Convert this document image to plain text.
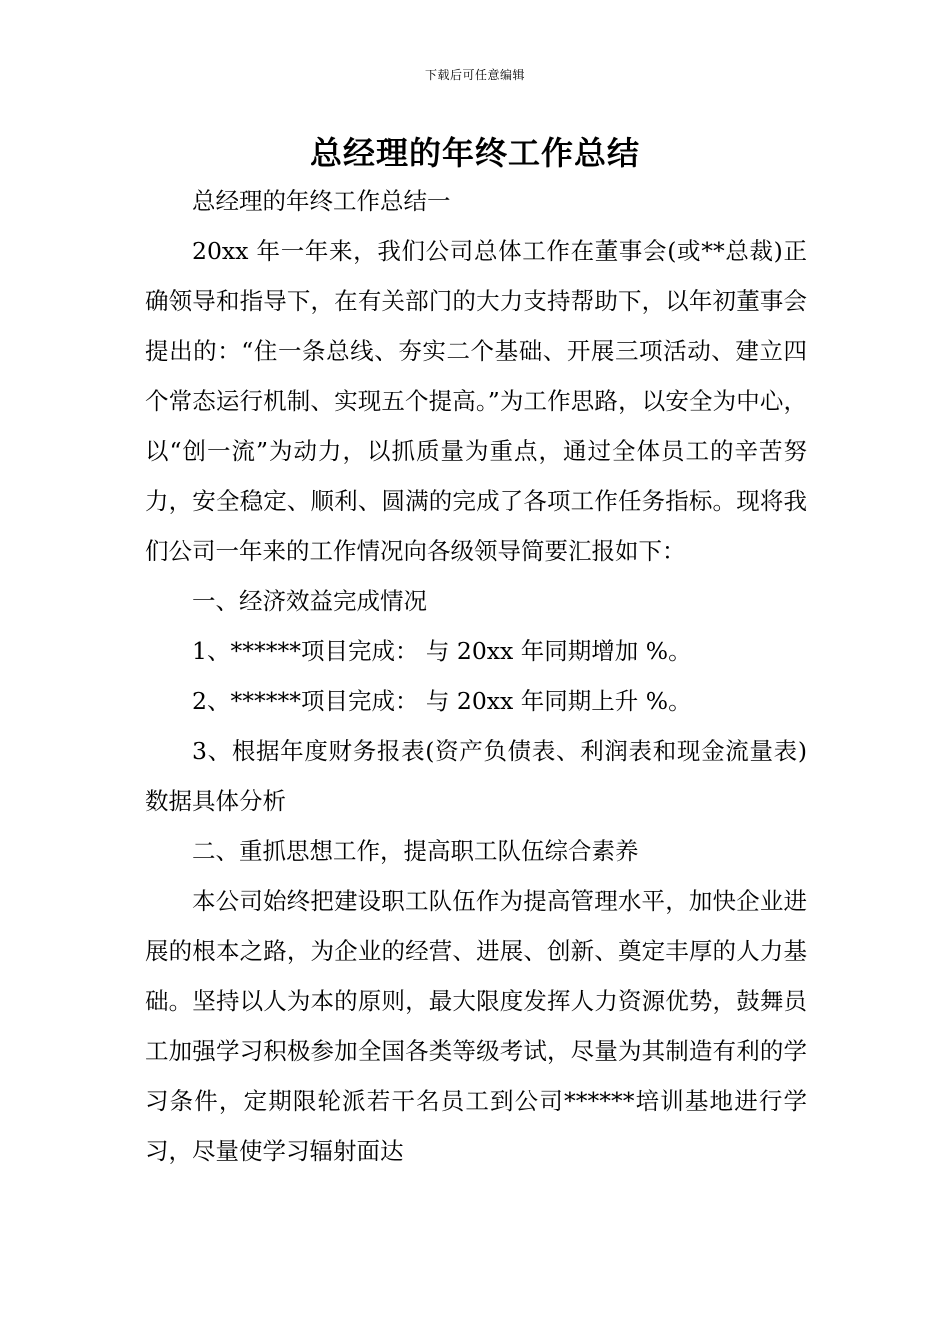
下载后可任意编辑
总经理的年终工作总结

总经理的年终工作总结一

20xx 年一年来，我们公司总体工作在董事会(或**总裁)正确领导和指导下，在有关部门的大力支持帮助下，以年初董事会提出的：“住一条总线、夯实二个基础、开展三项活动、建立四个常态运行机制、实现五个提高。”为工作思路，以安全为中心，以“创一流”为动力，以抓质量为重点，通过全体员工的辛苦努力，安全稳定、顺利、圆满的完成了各项工作任务指标。现将我们公司一年来的工作情况向各级领导简要汇报如下：

一、经济效益完成情况

1、******项目完成： 与 20xx 年同期增加 %。

2、******项目完成： 与 20xx 年同期上升 %。

3、根据年度财务报表(资产负债表、利润表和现金流量表)数据具体分析

二、重抓思想工作，提高职工队伍综合素养

本公司始终把建设职工队伍作为提高管理水平，加快企业进展的根本之路，为企业的经营、进展、创新、奠定丰厚的人力基础。坚持以人为本的原则，最大限度发挥人力资源优势，鼓舞员工加强学习积极参加全国各类等级考试，尽量为其制造有利的学习条件，定期限轮派若干名员工到公司******培训基地进行学习，尽量使学习辐射面达
